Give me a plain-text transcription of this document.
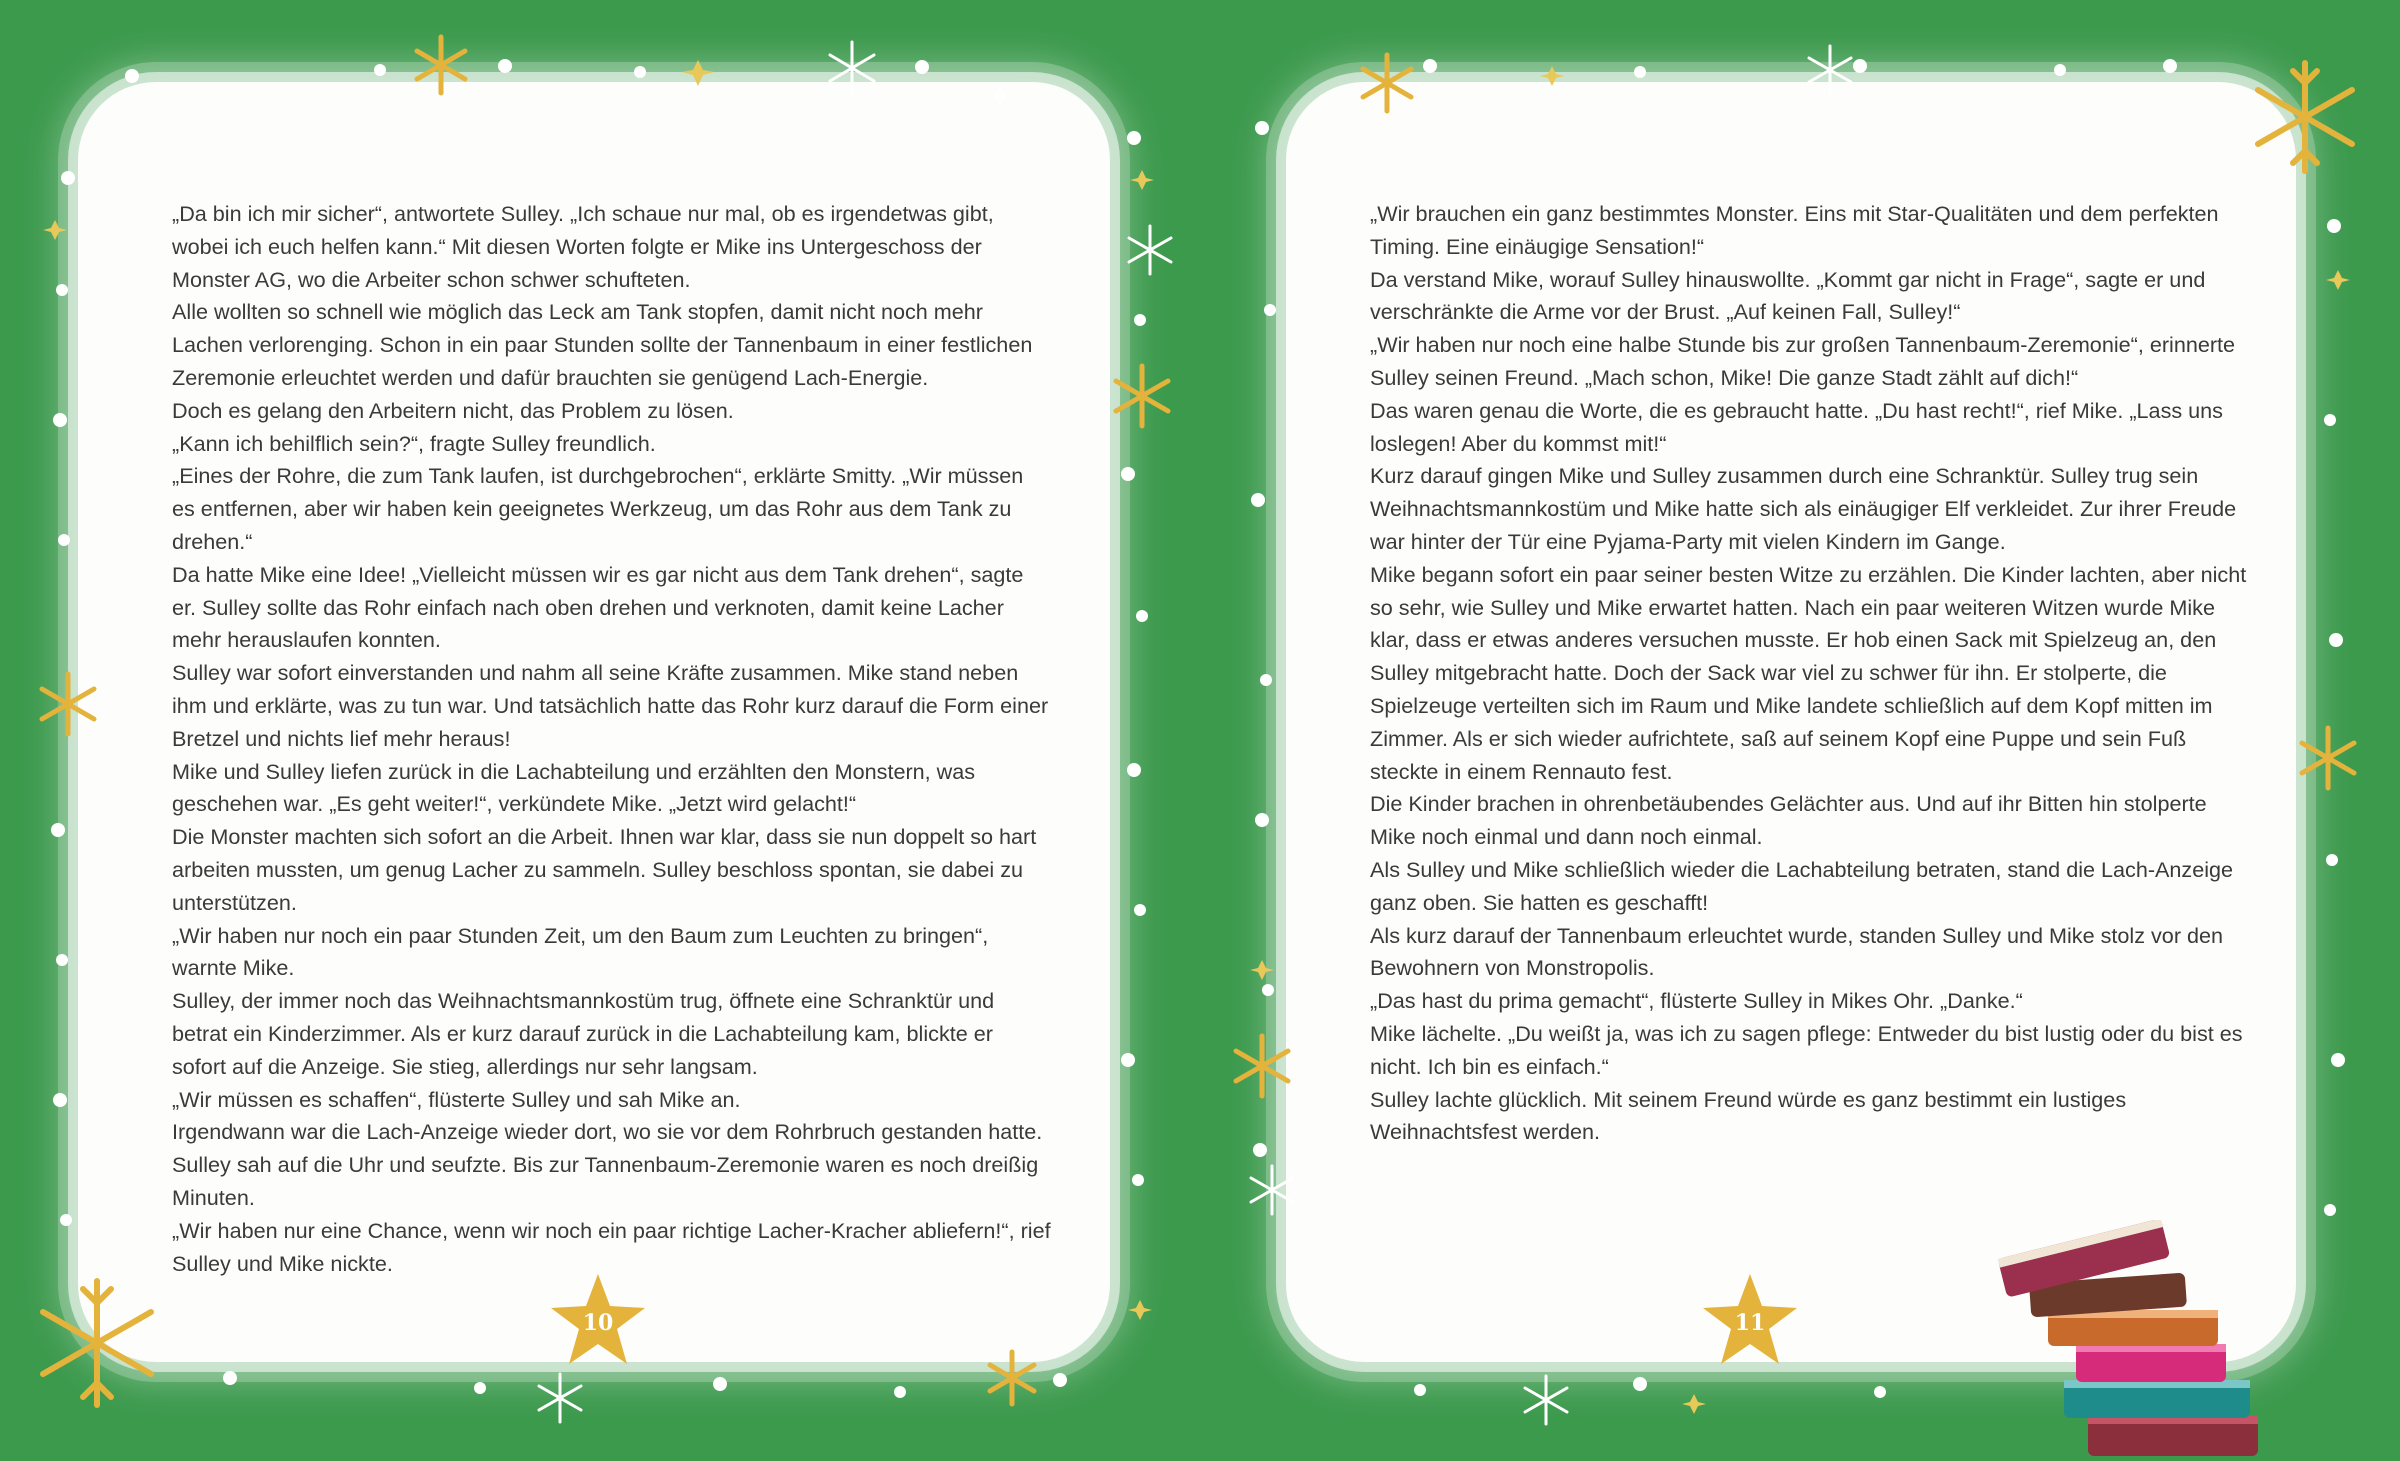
„Da bin ich mir sicher“, antwortete Sulley. „Ich schaue nur mal, ob es irgendetwas gibt, wobei ich euch helfen kann.“ Mit diesen Worten folgte er Mike ins Untergeschoss der Monster AG, wo die Arbeiter schon schwer schufteten.

Alle wollten so schnell wie möglich das Leck am Tank stopfen, damit nicht noch mehr Lachen verlorenging. Schon in ein paar Stunden sollte der Tannenbaum in einer festlichen Zeremonie erleuchtet werden und dafür brauchten sie genügend Lach-Energie.

Doch es gelang den Arbeitern nicht, das Problem zu lösen.

„Kann ich behilflich sein?“, fragte Sulley freundlich.

„Eines der Rohre, die zum Tank laufen, ist durchgebrochen“, erklärte Smitty. „Wir müssen es entfernen, aber wir haben kein geeignetes Werkzeug, um das Rohr aus dem Tank zu drehen.“

Da hatte Mike eine Idee! „Vielleicht müssen wir es gar nicht aus dem Tank drehen“, sagte er. Sulley sollte das Rohr einfach nach oben drehen und verknoten, damit keine Lacher mehr herauslaufen konnten.

Sulley war sofort einverstanden und nahm all seine Kräfte zusammen. Mike stand neben ihm und erklärte, was zu tun war. Und tatsächlich hatte das Rohr kurz darauf die Form einer Bretzel und nichts lief mehr heraus!

Mike und Sulley liefen zurück in die Lachabteilung und erzählten den Monstern, was geschehen war. „Es geht weiter!“, verkündete Mike. „Jetzt wird gelacht!“

Die Monster machten sich sofort an die Arbeit. Ihnen war klar, dass sie nun doppelt so hart arbeiten mussten, um genug Lacher zu sammeln. Sulley beschloss spontan, sie dabei zu unterstützen.

„Wir haben nur noch ein paar Stunden Zeit, um den Baum zum Leuchten zu bringen“, warnte Mike.

Sulley, der immer noch das Weihnachtsmannkostüm trug, öffnete eine Schranktür und betrat ein Kinderzimmer. Als er kurz darauf zurück in die Lachabteilung kam, blickte er sofort auf die Anzeige. Sie stieg, allerdings nur sehr langsam.

„Wir müssen es schaffen“, flüsterte Sulley und sah Mike an.

Irgendwann war die Lach-Anzeige wieder dort, wo sie vor dem Rohrbruch gestanden hatte. Sulley sah auf die Uhr und seufzte. Bis zur Tannenbaum-Zeremonie waren es noch dreißig Minuten.

„Wir haben nur eine Chance, wenn wir noch ein paar richtige Lacher-Kracher abliefern!“, rief Sulley und Mike nickte.

10

„Wir brauchen ein ganz bestimmtes Monster. Eins mit Star-Qualitäten und dem perfekten Timing. Eine einäugige Sensation!“

Da verstand Mike, worauf Sulley hinauswollte. „Kommt gar nicht in Frage“, sagte er und verschränkte die Arme vor der Brust. „Auf keinen Fall, Sulley!“

„Wir haben nur noch eine halbe Stunde bis zur großen Tannenbaum-Zeremonie“, erinnerte Sulley seinen Freund. „Mach schon, Mike! Die ganze Stadt zählt auf dich!“

Das waren genau die Worte, die es gebraucht hatte. „Du hast recht!“, rief Mike. „Lass uns loslegen! Aber du kommst mit!“

Kurz darauf gingen Mike und Sulley zusammen durch eine Schranktür. Sulley trug sein Weihnachtsmannkostüm und Mike hatte sich als einäugiger Elf verkleidet. Zur ihrer Freude war hinter der Tür eine Pyjama-Party mit vielen Kindern im Gange.

Mike begann sofort ein paar seiner besten Witze zu erzählen. Die Kinder lachten, aber nicht so sehr, wie Sulley und Mike erwartet hatten. Nach ein paar weiteren Witzen wurde Mike klar, dass er etwas anderes versuchen musste. Er hob einen Sack mit Spielzeug an, den Sulley mitgebracht hatte. Doch der Sack war viel zu schwer für ihn. Er stolperte, die Spielzeuge verteilten sich im Raum und Mike landete schließlich auf dem Kopf mitten im Zimmer. Als er sich wieder aufrichtete, saß auf seinem Kopf eine Puppe und sein Fuß steckte in einem Rennauto fest.

Die Kinder brachen in ohrenbetäubendes Gelächter aus. Und auf ihr Bitten hin stolperte Mike noch einmal und dann noch einmal.

Als Sulley und Mike schließlich wieder die Lachabteilung betraten, stand die Lach-Anzeige ganz oben. Sie hatten es geschafft!

Als kurz darauf der Tannenbaum erleuchtet wurde, standen Sulley und Mike stolz vor den Bewohnern von Monstropolis.

„Das hast du prima gemacht“, flüsterte Sulley in Mikes Ohr. „Danke.“

Mike lächelte. „Du weißt ja, was ich zu sagen pflege: Entweder du bist lustig oder du bist es nicht. Ich bin es einfach.“

Sulley lachte glücklich. Mit seinem Freund würde es ganz bestimmt ein lustiges Weihnachtsfest werden.

11
